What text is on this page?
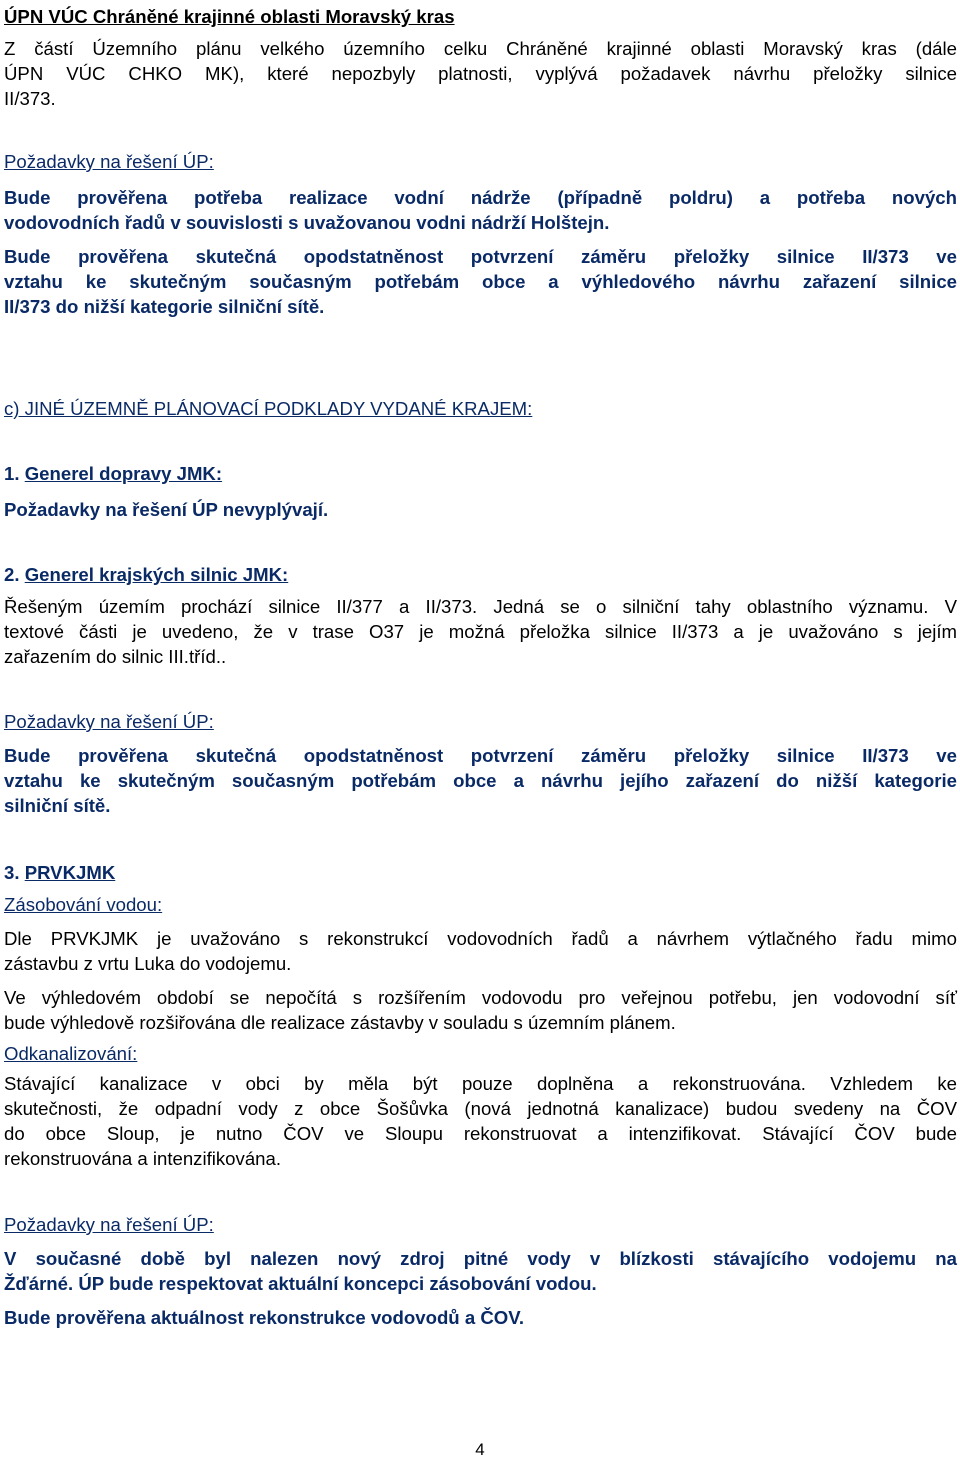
ÚPN VÚC Chráněné krajinné oblasti Moravský kras

Z částí Územního plánu velkého územního celku Chráněné krajinné oblasti Moravský kras (dále

ÚPN VÚC CHKO MK), které nepozbyly platnosti, vyplývá požadavek návrhu přeložky silnice

II/373.

Požadavky na řešení ÚP:

Bude prověřena potřeba realizace vodní nádrže (případně poldru) a potřeba nových

vodovodních řadů v souvislosti s uvažovanou vodni nádrží Holštejn.

Bude prověřena skutečná opodstatněnost potvrzení záměru přeložky silnice II/373 ve

vztahu ke skutečným současným potřebám obce a výhledového návrhu zařazení silnice

II/373 do nižší kategorie silniční sítě.

c) JINÉ ÚZEMNĚ PLÁNOVACÍ PODKLADY VYDANÉ KRAJEM:

1. Generel dopravy JMK:

Požadavky na řešení ÚP nevyplývají.

2. Generel krajských silnic JMK:

Řešeným územím prochází silnice II/377 a II/373. Jedná se o silniční tahy oblastního významu. V

textové části je uvedeno, že v trase O37 je možná přeložka silnice II/373 a je uvažováno s jejím

zařazením do silnic III.tříd..

Požadavky na řešení ÚP:

Bude prověřena skutečná opodstatněnost potvrzení záměru přeložky silnice II/373 ve

vztahu ke skutečným současným potřebám obce a návrhu jejího zařazení do nižší kategorie

silniční sítě.

3. PRVKJMK

Zásobování vodou:

Dle PRVKJMK je uvažováno s rekonstrukcí vodovodních řadů a návrhem výtlačného řadu mimo

zástavbu z vrtu Luka do vodojemu.

Ve výhledovém období se nepočítá s rozšířením vodovodu pro veřejnou potřebu, jen vodovodní síť

bude výhledově rozšiřována dle realizace zástavby v souladu s územním plánem.

Odkanalizování:

Stávající kanalizace v obci by měla být pouze doplněna a rekonstruována. Vzhledem ke

skutečnosti, že odpadní vody z obce Šošůvka (nová jednotná kanalizace) budou svedeny na ČOV

do obce Sloup, je nutno ČOV ve Sloupu rekonstruovat a intenzifikovat. Stávající ČOV bude

rekonstruována a intenzifikována.

Požadavky na řešení ÚP:

V současné době byl nalezen nový zdroj pitné vody v blízkosti stávajícího vodojemu na

Žďárné. ÚP bude respektovat aktuální koncepci zásobování vodou.

Bude prověřena aktuálnost rekonstrukce vodovodů a ČOV.

4
